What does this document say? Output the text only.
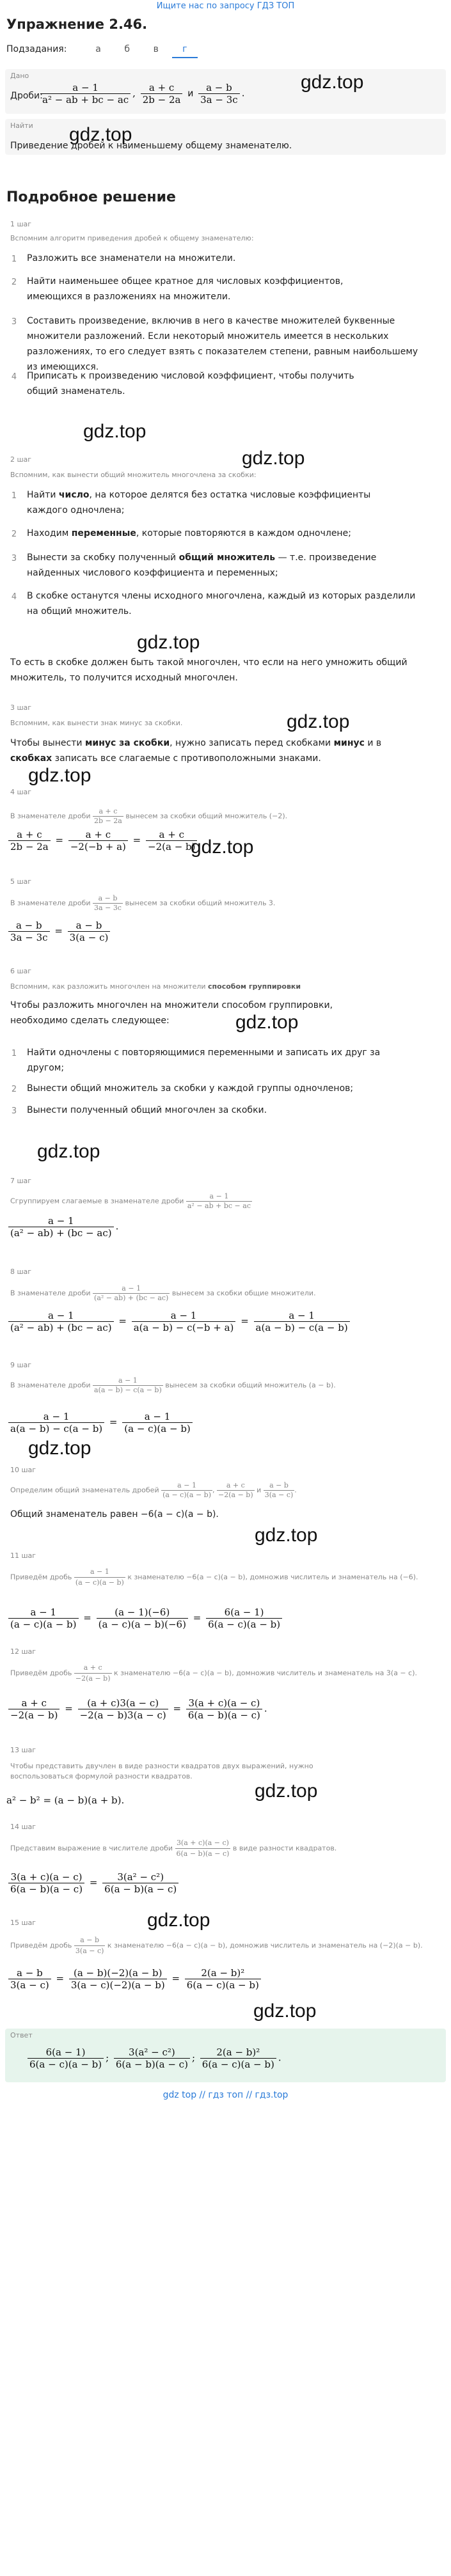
Ищите нас по запросу ГДЗ ТОП
Упражнение 2.46.
Подзадания:	а	б	в	г
Дано
Дроби:
$\frac{a - 1}{\text{a² − ab + bc − ac}}$ , $\frac{a + c}{2b - 2a}$ и $\frac{a - b}{3a - 3c}$ .
gdz.top
Найти gdz.top
Приведение дробей к наименьшему общему знаменателю.
Подробное решение
1 шаг
Вспомним алгоритм приведения дробей к общему знаменателю:
1 Разложить все знаменатели на множители.
2 Найти наименьшее общее кратное для числовых коэффициентов, имеющихся в разложениях на множители.
3 Составить произведение, включив в него в качестве множителей буквенные множители разложений. Если некоторый множитель имеется в нескольких разложениях, то его следует взять с показателем степени, равным наибольшему из имеющихся.
4 Приписать к произведению числовой коэффициент, чтобы получить общий знаменатель.
gdz.top
2 шаг	gdz.top
Вспомним, как вынести общий множитель многочлена за скобки:
1 Найти число, на которое делятся без остатка числовые коэффициенты каждого одночлена;
2 Находим переменные, которые повторяются в каждом одночлене;
3 Вынести за скобку полученный общий множитель — т.е. произведение найденных числового коэффициента и переменных;
4 В скобке останутся члены исходного многочлена, каждый из которых разделили на общий множитель.
gdz.top
То есть в скобке должен быть такой многочлен, что если на него умножить общий множитель, то получится исходный многочлен.
3 шаг
gdz.top
Вспомним, как вынести знак минус за скобки.
Чтобы вынести минус за скобки, нужно записать перед скобками минус и в
скобках записать все слагаемые с противоположными знаками.
gdz.top
4 шаг
В знаменателе дроби $\frac{a + c}{2b - 2a}$ вынесем за скобки общий множитель (−2).
$\frac{a + c}{2b - 2a} = \frac{a + c}{-2(-b + a)} = \frac{a + c}{-2(a - b)}$
gdz.top
5 шаг
В знаменателе дроби $\frac{a - b}{3a - 3c}$ вынесем за скобки общий множитель 3.
$\frac{a - b}{3a - 3c} = \frac{a - b}{3(a - c)}$
6 шаг
Вспомним, как разложить многочлен на множители способом группировки
Чтобы разложить многочлен на множители способом группировки, необходимо сделать следующее:	gdz.top
1 Найти одночлены с повторяющимися переменными и записать их друг за другом;
2 Вынести общий множитель за скобки у каждой группы одночленов;
3 Вынести полученный общий многочлен за скобки.
gdz.top
7 шаг
Сгруппируем слагаемые в знаменателе дроби $\frac{a - 1}{\text{a² − ab + bc − ac}}$
$\frac{a - 1}{\text{(a² − ab) + (bc − ac)}}$ .
8 шаг
В знаменателе дроби $\frac{a - 1}{\text{(a² − ab) + (bc − ac)}}$ вынесем за скобки общие множители.
$\frac{a - 1}{\text{(a² − ab) + (bc − ac)}} = \frac{a - 1}{a(a - b) - c(-b + a)} = \frac{a - 1}{a(a - b) - c(a - b)}$
9 шаг
В знаменателе дроби $\frac{a - 1}{a(a - b) - c(a - b)}$ вынесем за скобки общий множитель (a − b).
$\frac{a - 1}{a(a - b) - c(a - b)} = \frac{a - 1}{(a - c)(a - b)}$
gdz.top
10 шаг
Определим общий знаменатель дробей $\frac{a - 1}{(a - c)(a - b)}$ , $\frac{a + c}{-2(a - b)}$ и $\frac{a - b}{3(a - c)}$ .
Общий знаменатель равен −6(a − c)(a − b).
gdz.top
11 шаг
Приведём дробь $\frac{a - 1}{(a - c)(a - b)}$ к знаменателю −6(a − c)(a − b), домножив числитель и знаменатель на (−6).
$\frac{a - 1}{(a - c)(a - b)} = \frac{(a - 1)(-6)}{(a - c)(a - b)(-6)} = \frac{6(a - 1)}{6(a - c)(a - b)}$
12 шаг
Приведём дробь $\frac{a + c}{-2(a - b)}$ к знаменателю −6(a − c)(a − b), домножив числитель и знаменатель на 3(a − c).
$\frac{a + c}{-2(a - b)} = \frac{(a + c)3(a - c)}{-2(a - b)3(a - c)} = \frac{3(a + c)(a - c)}{6(a - b)(a - c)}$ .
13 шаг
Чтобы представить двучлен в виде разности квадратов двух выражений, нужно воспользоваться формулой разности квадратов.
gdz.top
a² − b² = (a − b)(a + b).
14 шаг
Представим выражение в числителе дроби $\frac{3(a + c)(a - c)}{6(a - b)(a - c)}$ в виде разности квадратов.
$\frac{3(a + c)(a - c)}{6(a - b)(a - c)} = \frac{\text{3(a² − c²)}}{6(a - b)(a - c)}$
gdz.top
15 шаг
Приведём дробь $\frac{a - b}{3(a - c)}$ к знаменателю −6(a − c)(a − b), домножив числитель и знаменатель на (−2)(a − b).
$\frac{a - b}{3(a - c)} = \frac{(a - b)(-2)(a - b)}{3(a - c)(-2)(a - b)} = \frac{\text{2(a − b)²}}{6(a - c)(a - b)}$
gdz.top
Ответ
$\frac{6(a - 1)}{6(a - c)(a - b)}$ ; $\frac{\text{3(a² − c²)}}{6(a - b)(a - c)}$ ; $\frac{\text{2(a − b)²}}{6(a - c)(a - b)}$ .
gdz top // гдз топ // гдз.top
